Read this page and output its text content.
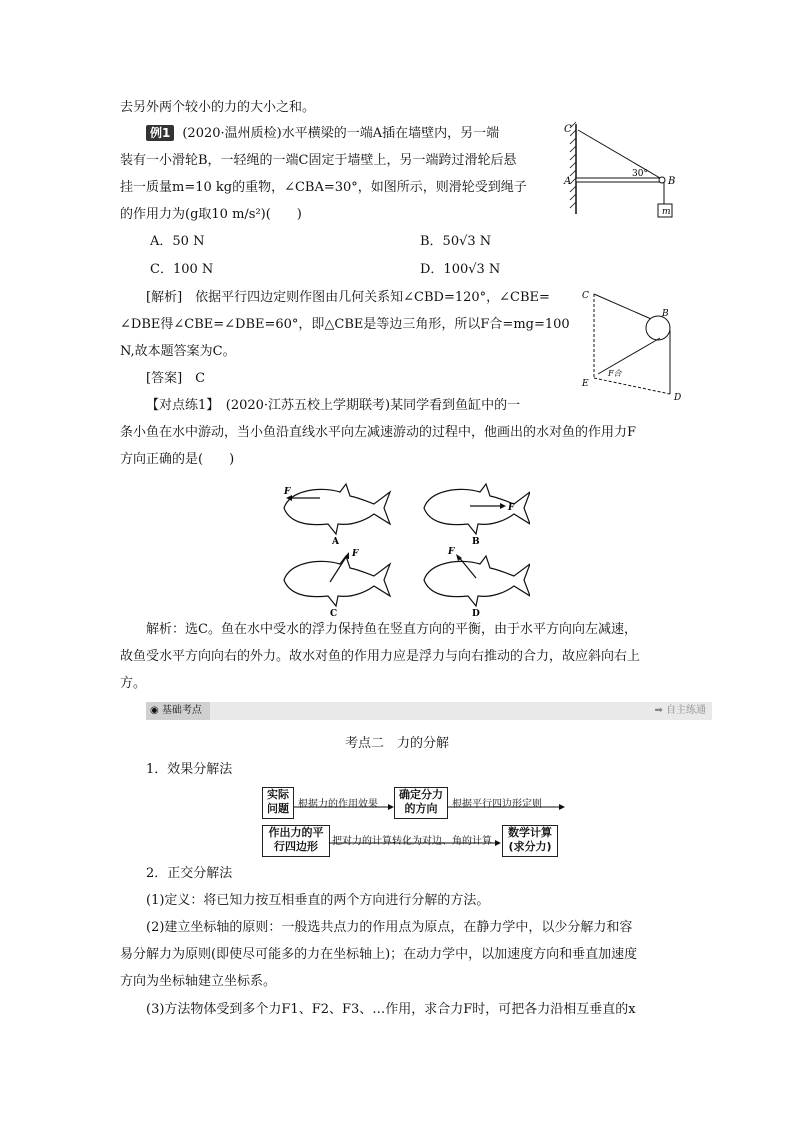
去另外两个较小的力的大小之和。
例1 (2020·温州质检)水平横梁的一端A插在墙壁内，另一端
装有一小滑轮B，一轻绳的一端C固定于墙壁上，另一端跨过滑轮后悬
挂一质量m=10 kg的重物，∠CBA=30°，如图所示，则滑轮受到绳子
的作用力为(g取10 m/s²)(　　)	m
C
A	B
30°
A．50 N	B．50√3 N
C．100 N	D．100√3 N
[解析]　依据平行四边定则作图由几何关系知∠CBD=120°，∠CBE=
∠DBE得∠CBE=∠DBE=60°，即△CBE是等边三角形，所以F合=mg=100
N,故本题答案为C。
[答案]　C
C
B
E
D
F合
【对点练1】　(2020·江苏五校上学期联考)某同学看到鱼缸中的一
条小鱼在水中游动，当小鱼沿直线水平向左减速游动的过程中，他画出的水对鱼的作用力F
方向正确的是(　　)
F
A
F
B
F
C
F
D
解析：选C。鱼在水中受水的浮力保持鱼在竖直方向的平衡，由于水平方向向左减速，
故鱼受水平方向向右的外力。故水对鱼的作用力应是浮力与向右推动的合力，故应斜向右上
方。
◉ 基础考点	➡ 自主练通
考点二　力的分解
1．效果分解法
实际
问题 根据力的作用效果
确定分力
的方向	根据平行四边形定则
作出力的平
行四边形	把对力的计算转化为对边、角的计算
数学计算
(求分力)
2．正交分解法
(1)定义：将已知力按互相垂直的两个方向进行分解的方法。
(2)建立坐标轴的原则：一般选共点力的作用点为原点，在静力学中，以少分解力和容
易分解力为原则(即使尽可能多的力在坐标轴上)；在动力学中，以加速度方向和垂直加速度
方向为坐标轴建立坐标系。
(3)方法物体受到多个力F1、F2、F3、…作用，求合力F时，可把各力沿相互垂直的x
